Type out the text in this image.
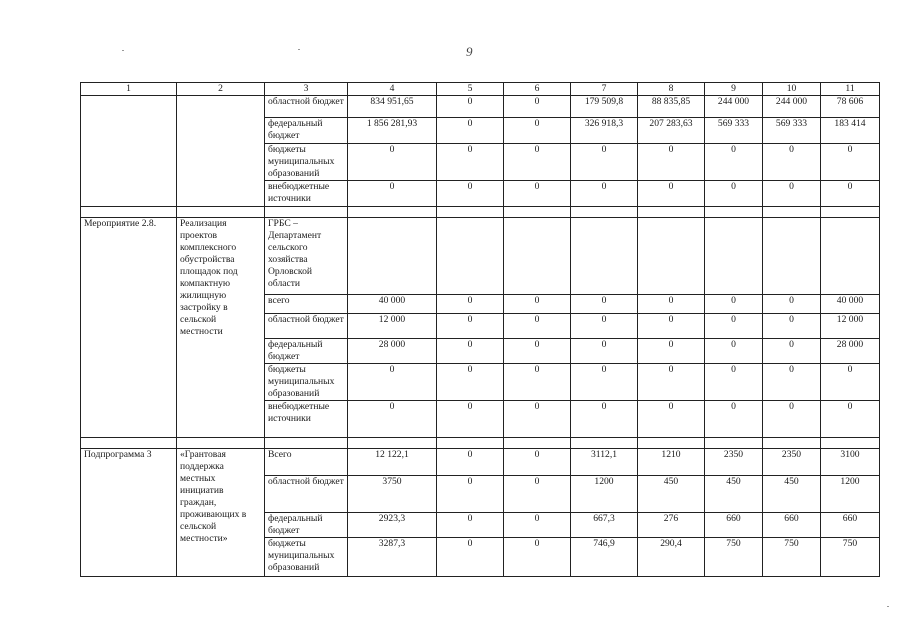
9
1	2	3	4	5	6	7	8	9	10	11
		областной бюджет	834 951,65	0	0	179 509,8	88 835,85	244 000	244 000	78 606
		федеральный бюджет	1 856 281,93	0	0	326 918,3	207 283,63	569 333	569 333	183 414
		бюджеты муниципальных образований	0	0	0	0	0	0	0	0
		внебюджетные источники	0	0	0	0	0	0	0	0

Мероприятие 2.8.	Реализация проектов комплексного обустройства площадок под компактную жилищную застройку в сельской местности	ГРБС – Департамент сельского хозяйства Орловской области								
		всего	40 000	0	0	0	0	0	0	40 000
		областной бюджет	12 000	0	0	0	0	0	0	12 000
		федеральный бюджет	28 000	0	0	0	0	0	0	28 000
		бюджеты муниципальных образований	0	0	0	0	0	0	0	0
		внебюджетные источники	0	0	0	0	0	0	0	0

Подпрограмма 3	«Грантовая поддержка местных инициатив граждан, проживающих в сельской местности»	Всего	12 122,1	0	0	3112,1	1210	2350	2350	3100
		областной бюджет	3750	0	0	1200	450	450	450	1200
		федеральный бюджет	2923,3	0	0	667,3	276	660	660	660
		бюджеты муниципальных образований	3287,3	0	0	746,9	290,4	750	750	750
